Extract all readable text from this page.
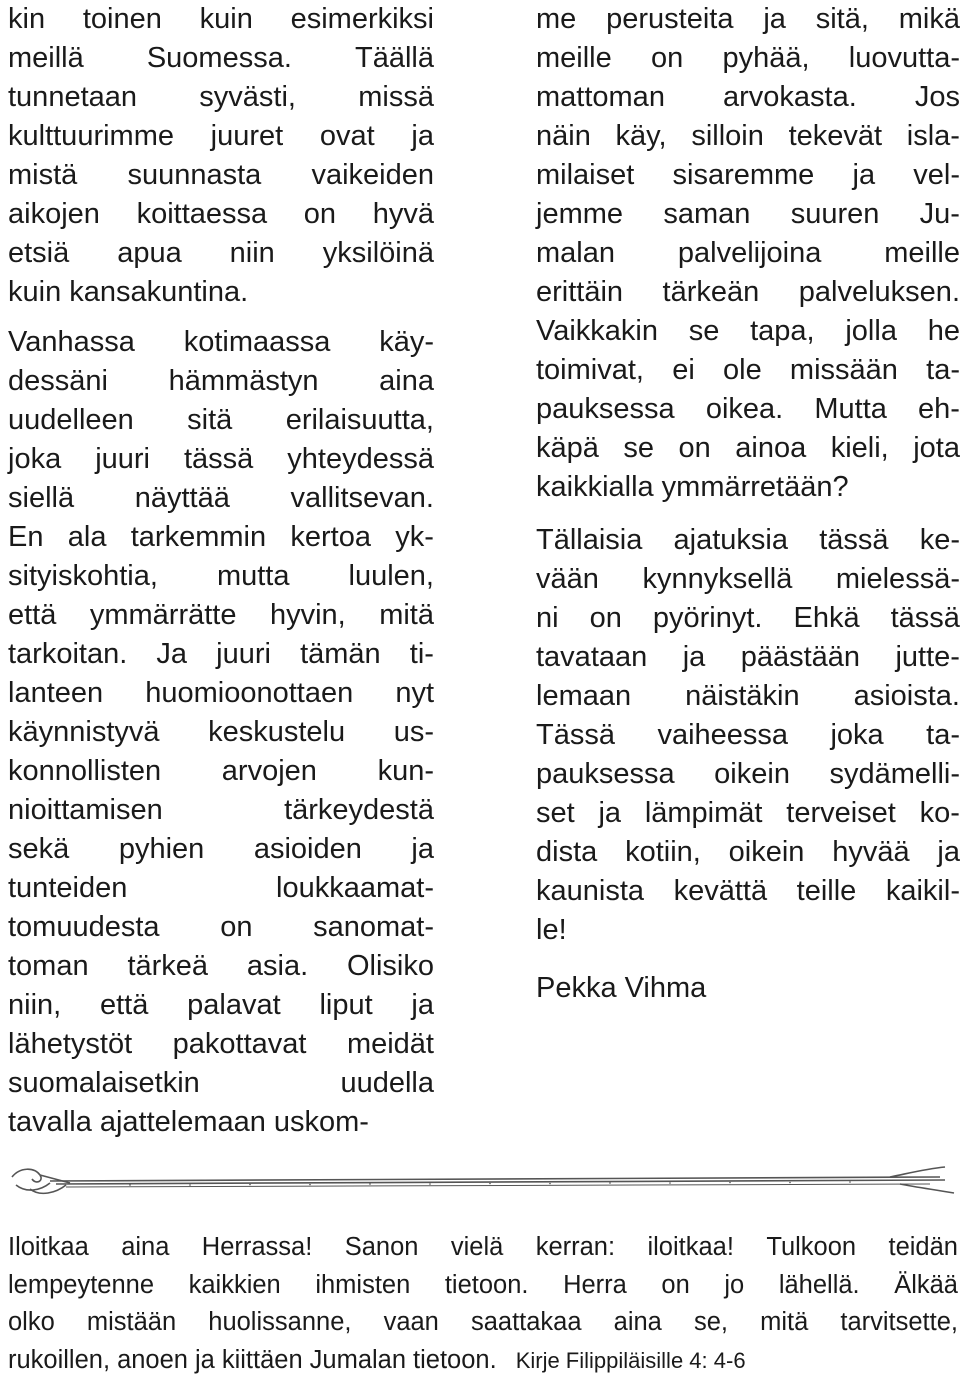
kin toinen kuin esimerkiksi
meillä Suomessa. Täällä
tunnetaan syvästi, missä
kulttuurimme juuret ovat ja
mistä suunnasta vaikeiden
aikojen koittaessa on hyvä
etsiä apua niin yksilöinä
kuin kansakuntina.
Vanhassa kotimaassa käy-
dessäni hämmästyn aina
uudelleen sitä erilaisuutta,
joka juuri tässä yhteydessä
siellä näyttää vallitsevan.
En ala tarkemmin kertoa yk-
sityiskohtia, mutta luulen,
että ymmärrätte hyvin, mitä
tarkoitan. Ja juuri tämän ti-
lanteen huomioonottaen nyt
käynnistyvä keskustelu us-
konnollisten arvojen kun-
nioittamisen	tärkeydestä
sekä pyhien asioiden ja
tunteiden	loukkaamat-
tomuudesta on sanomat-
toman tärkeä asia. Olisiko
niin, että palavat liput ja
lähetystöt pakottavat meidät
suomalaisetkin	uudella
tavalla ajattelemaan uskom-
me perusteita ja sitä, mikä
meille on pyhää, luovutta-
mattoman arvokasta. Jos
näin käy, silloin tekevät isla-
milaiset sisaremme ja vel-
jemme saman suuren Ju-
malan palvelijoina meille
erittäin tärkeän palveluksen.
Vaikkakin se tapa, jolla he
toimivat, ei ole missään ta-
pauksessa oikea. Mutta eh-
käpä se on ainoa kieli, jota
kaikkialla ymmärretään?
Tällaisia ajatuksia tässä ke-
vään kynnyksellä mielessä-
ni on pyörinyt. Ehkä tässä
tavataan ja päästään jutte-
lemaan näistäkin asioista.
Tässä vaiheessa joka ta-
pauksessa oikein sydämelli-
set ja lämpimät terveiset ko-
dista kotiin, oikein hyvää ja
kaunista kevättä teille kaikil-
le!
Pekka Vihma
Iloitkaa aina Herrassa! Sanon vielä kerran: iloitkaa! Tulkoon teidän
lempeytenne kaikkien ihmisten tietoon. Herra on jo lähellä. Älkää
olko mistään huolissanne, vaan saattakaa aina se, mitä tarvitsette,
rukoillen, anoen ja kiittäen Jumalan tietoon. Kirje Filippiläisille 4: 4-6
